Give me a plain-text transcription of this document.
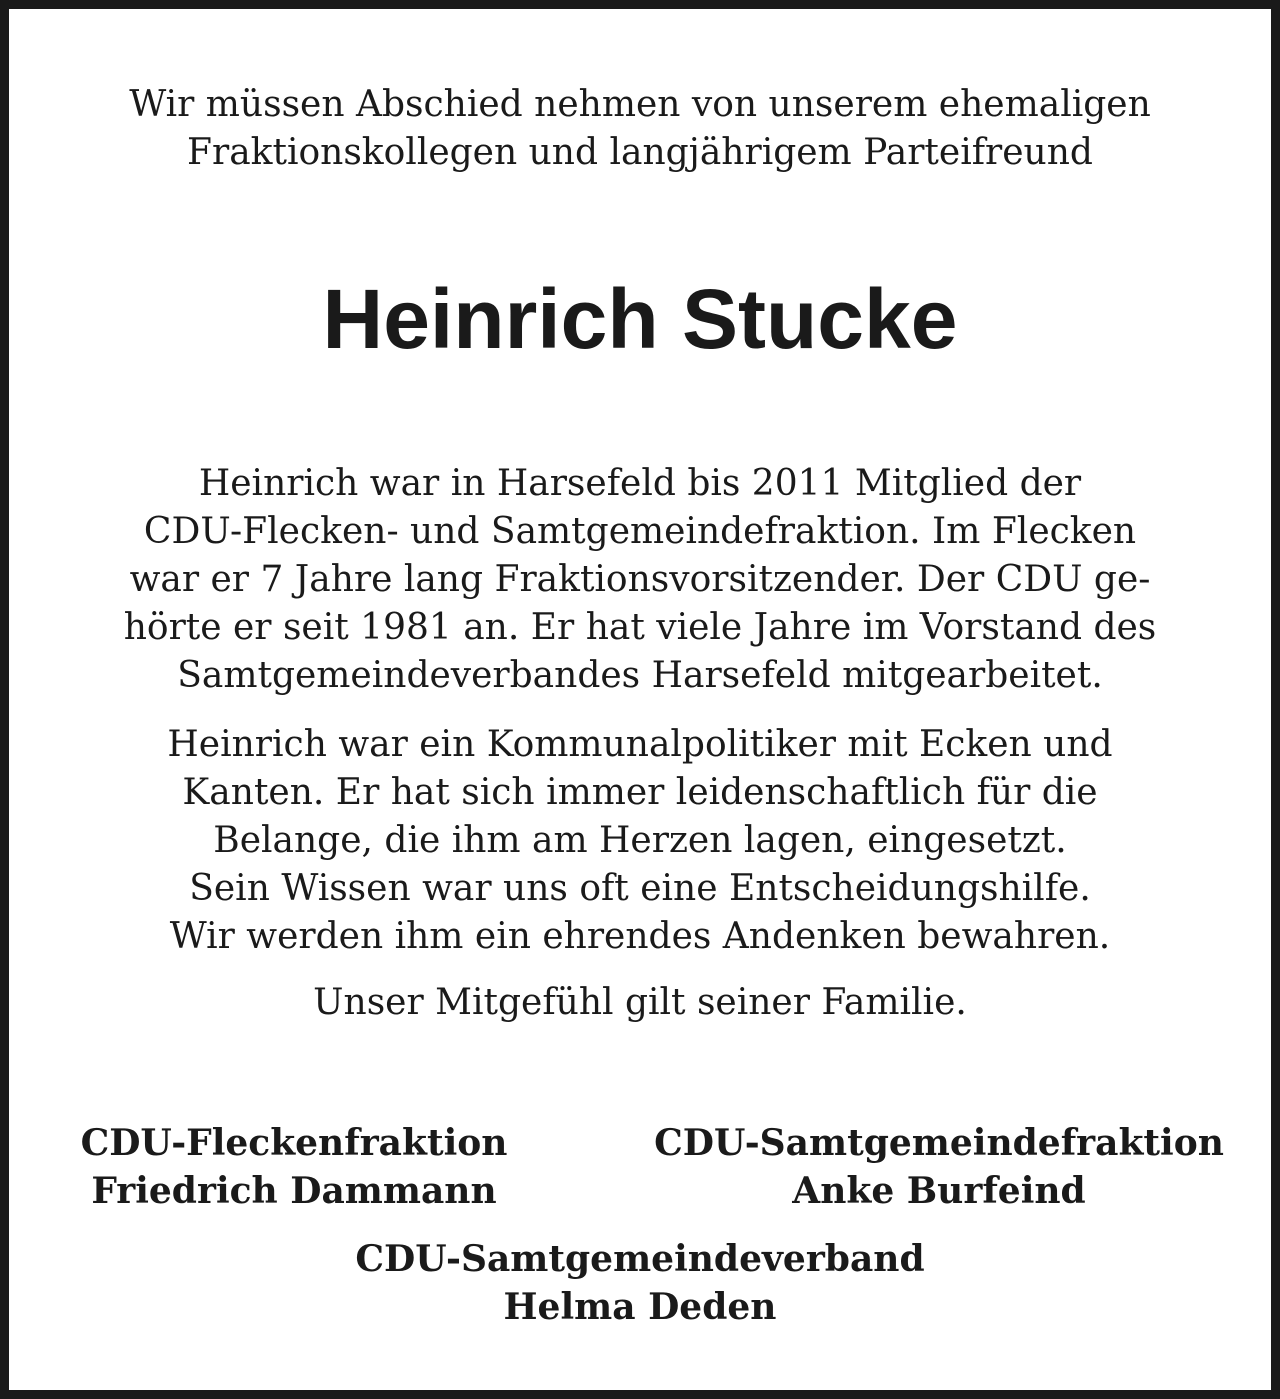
Wir müssen Abschied nehmen von unserem ehemaligen
Fraktionskollegen und langjährigem Parteifreund
Heinrich Stucke
Heinrich war in Harsefeld bis 2011 Mitglied der
CDU-Flecken- und Samtgemeindefraktion. Im Flecken
war er 7 Jahre lang Fraktionsvorsitzender. Der CDU ge-
hörte er seit 1981 an. Er hat viele Jahre im Vorstand des
Samtgemeindeverbandes Harsefeld mitgearbeitet.
Heinrich war ein Kommunalpolitiker mit Ecken und
Kanten. Er hat sich immer leidenschaftlich für die
Belange, die ihm am Herzen lagen, eingesetzt.
Sein Wissen war uns oft eine Entscheidungshilfe.
Wir werden ihm ein ehrendes Andenken bewahren.
Unser Mitgefühl gilt seiner Familie.
CDU-Fleckenfraktion
Friedrich Dammann
CDU-Samtgemeindefraktion
Anke Burfeind
CDU-Samtgemeindeverband
Helma Deden
